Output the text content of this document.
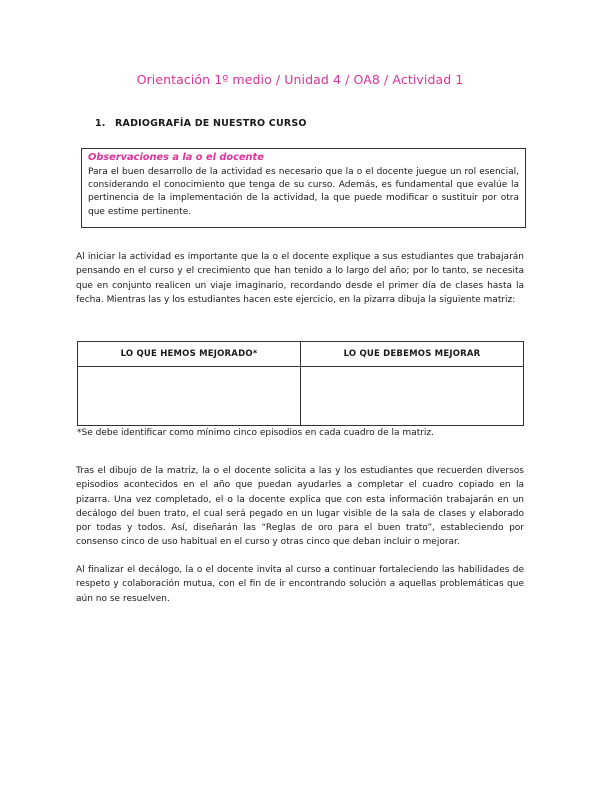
Orientación 1º medio / Unidad 4 / OA8 / Actividad 1
1. RADIOGRAFÍA DE NUESTRO CURSO
Observaciones a la o el docente

Para el buen desarrollo de la actividad es necesario que la o el docente juegue un rol esencial, considerando el conocimiento que tenga de su curso. Además, es fundamental que evalúe la pertinencia de la implementación de la actividad, la que puede modificar o sustituir por otra que estime pertinente.

Al iniciar la actividad es importante que la o el docente explique a sus estudiantes que trabajarán pensando en el curso y el crecimiento que han tenido a lo largo del año; por lo tanto, se necesita que en conjunto realicen un viaje imaginario, recordando desde el primer día de clases hasta la fecha. Mientras las y los estudiantes hacen este ejercicio, en la pizarra dibuja la siguiente matriz:

LO QUE HEMOS MEJORADO*	LO QUE DEBEMOS MEJORAR
*Se debe identificar como mínimo cinco episodios en cada cuadro de la matriz.

Tras el dibujo de la matriz, la o el docente solicita a las y los estudiantes que recuerden diversos episodios acontecidos en el año que puedan ayudarles a completar el cuadro copiado en la pizarra. Una vez completado, el o la docente explica que con esta información trabajarán en un decálogo del buen trato, el cual será pegado en un lugar visible de la sala de clases y elaborado por todas y todos. Así, diseñarán las “Reglas de oro para el buen trato”, estableciendo por consenso cinco de uso habitual en el curso y otras cinco que deban incluir o mejorar.

Al finalizar el decálogo, la o el docente invita al curso a continuar fortaleciendo las habilidades de respeto y colaboración mutua, con el fin de ir encontrando solución a aquellas problemáticas que aún no se resuelven.
